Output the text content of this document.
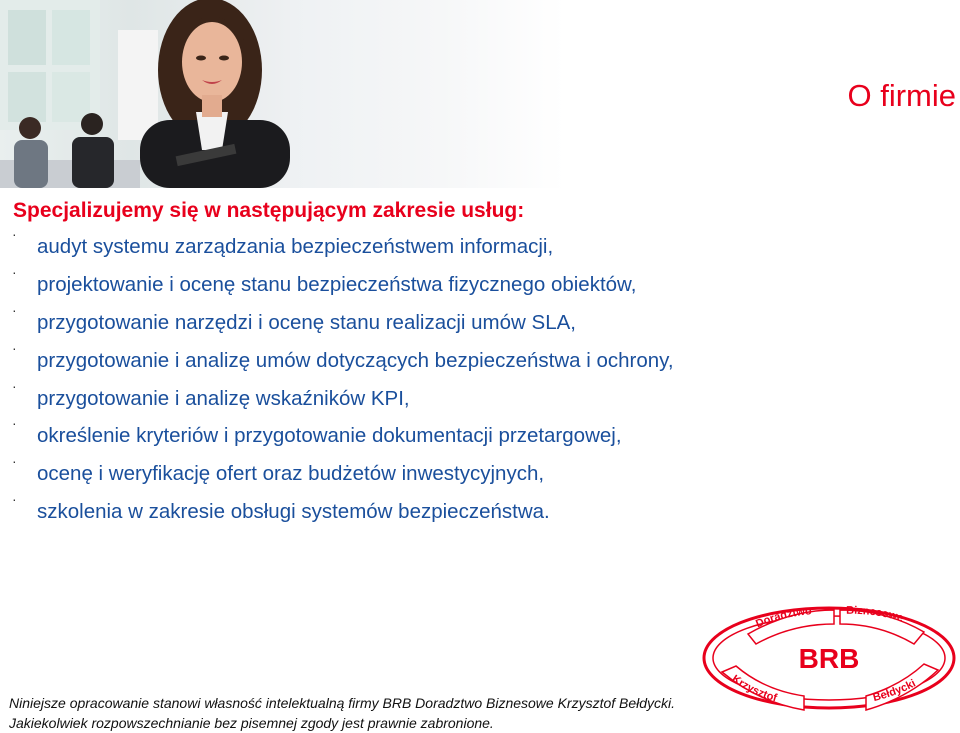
O firmie
Specjalizujemy się w następującym zakresie usług:
·
audyt systemu zarządzania bezpieczeństwem informacji,
·
projektowanie i ocenę stanu bezpieczeństwa fizycznego obiektów,
·
przygotowanie narzędzi i ocenę stanu realizacji umów SLA,
·
przygotowanie i analizę umów dotyczących bezpieczeństwa i ochrony,
·
przygotowanie i analizę wskaźników KPI,
·
określenie kryteriów i przygotowanie dokumentacji przetargowej,
·
ocenę i weryfikację ofert oraz budżetów inwestycyjnych,
·
szkolenia w zakresie obsługi systemów bezpieczeństwa.
Niniejsze opracowanie stanowi własność intelektualną firmy BRB Doradztwo Biznesowe Krzysztof Bełdycki.
Jakiekolwiek rozpowszechnianie bez pisemnej zgody jest prawnie zabronione.
Doradztwo	Biznesowe
Krzysztof	Bełdycki
BRB
